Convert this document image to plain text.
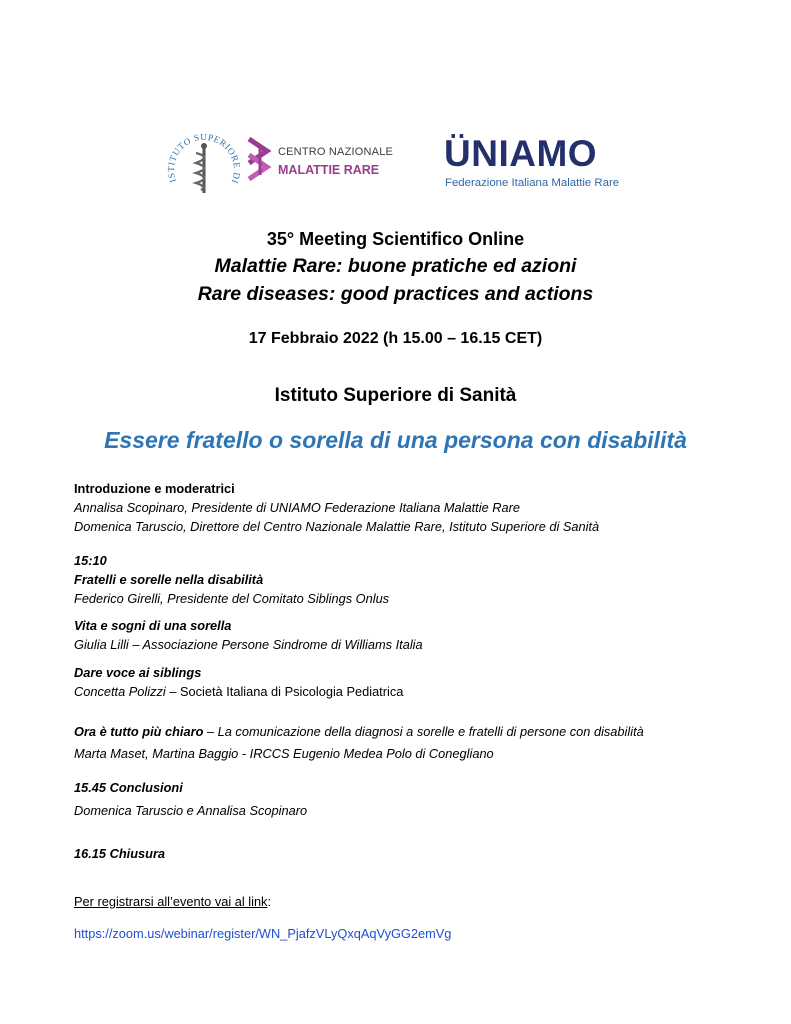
ISTITUTO SUPERIORE DI
CENTRO NAZIONALE
MALATTIE RARE ÜNIAMO
Federazione Italiana Malattie Rare
35° Meeting Scientifico Online
Malattie Rare: buone pratiche ed azioni
Rare diseases: good practices and actions
17 Febbraio 2022 (h 15.00 – 16.15 CET)
Istituto Superiore di Sanità
Essere fratello o sorella di una persona con disabilità
Introduzione e moderatrici
Annalisa Scopinaro, Presidente di UNIAMO Federazione Italiana Malattie Rare
Domenica Taruscio, Direttore del Centro Nazionale Malattie Rare, Istituto Superiore di Sanità
15:10
Fratelli e sorelle nella disabilità
Federico Girelli, Presidente del Comitato Siblings Onlus
Vita e sogni di una sorella
Giulia Lilli – Associazione Persone Sindrome di Williams Italia
Dare voce ai siblings
Concetta Polizzi – Società Italiana di Psicologia Pediatrica
Ora è tutto più chiaro – La comunicazione della diagnosi a sorelle e fratelli di persone con disabilità
Marta Maset, Martina Baggio - IRCCS Eugenio Medea Polo di Conegliano
15.45 Conclusioni
Domenica Taruscio e Annalisa Scopinaro
16.15 Chiusura
Per registrarsi all’evento vai al link:
https://zoom.us/webinar/register/WN_PjafzVLyQxqAqVyGG2emVg
